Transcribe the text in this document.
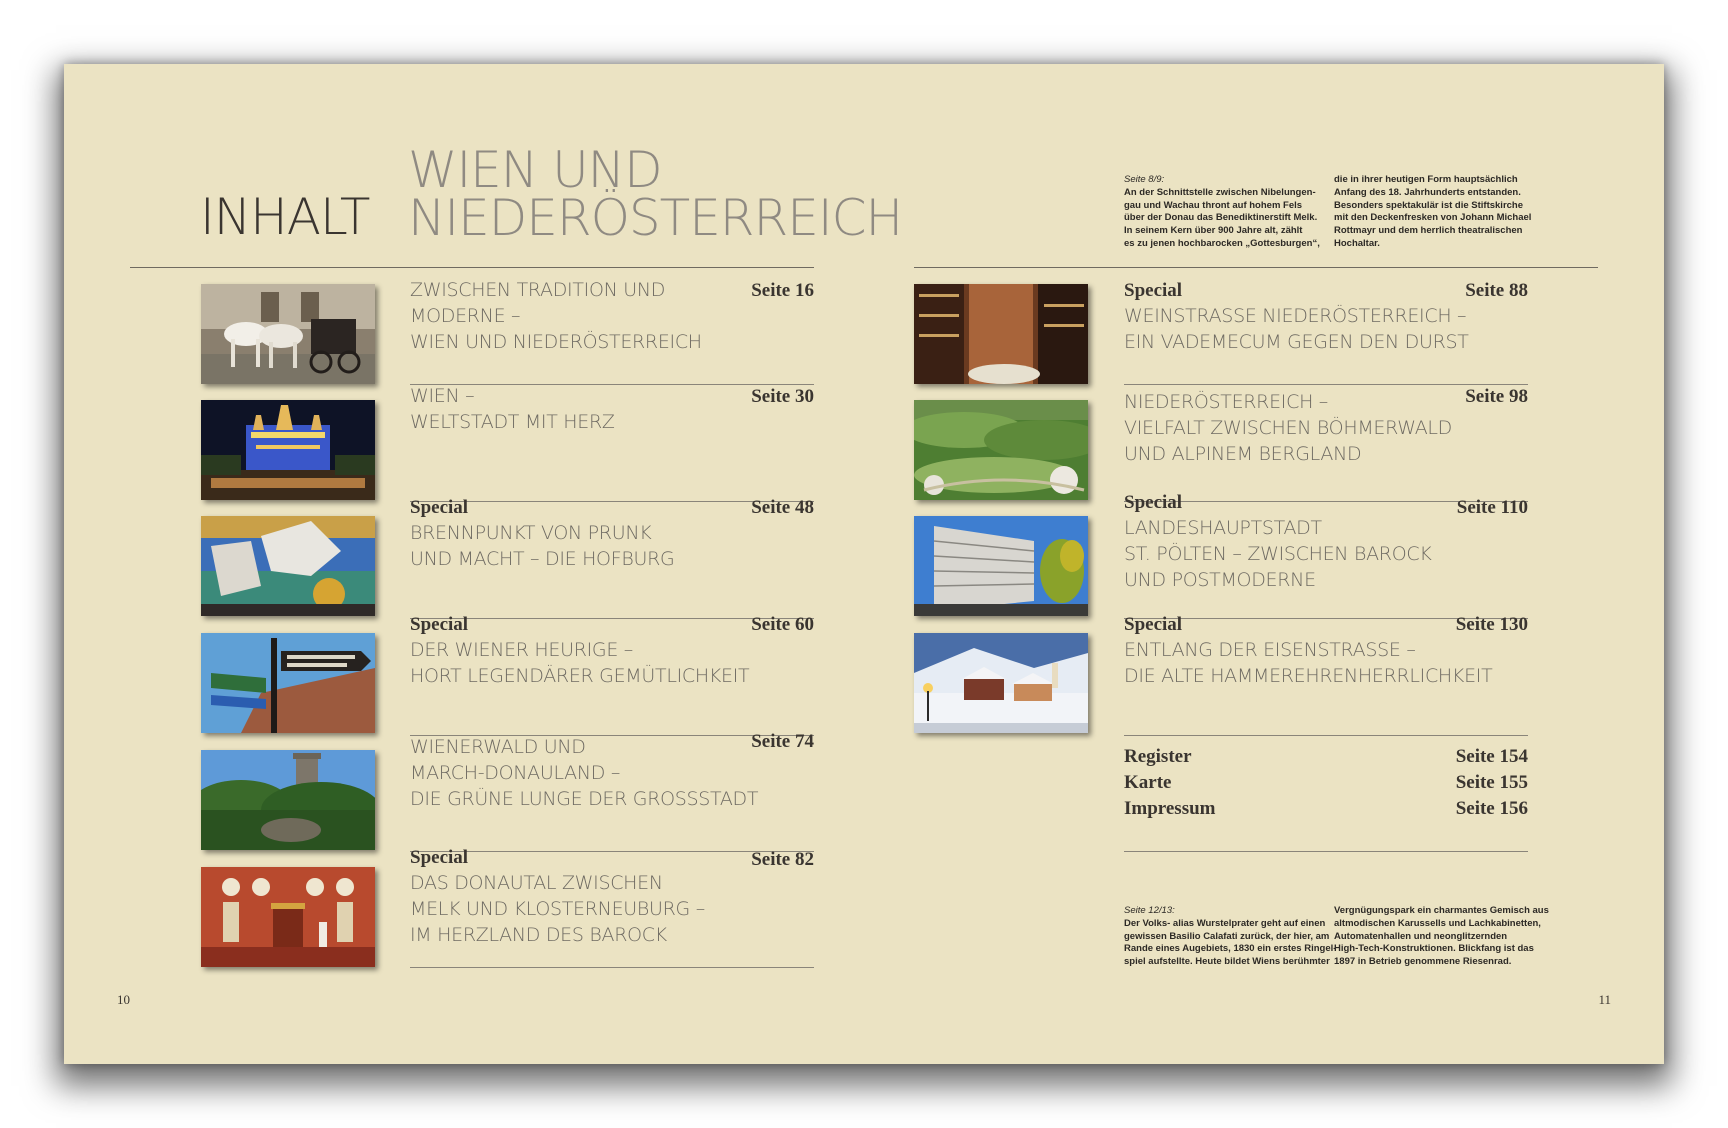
INHALT
WIEN UND
NIEDERÖSTERREICH
Seite 8/9:
An der Schnittstelle zwischen Nibelungen-
gau und Wachau thront auf hohem Fels
über der Donau das Benediktinerstift Melk.
In seinem Kern über 900 Jahre alt, zählt
es zu jenen hochbarocken „Gottesburgen“,
die in ihrer heutigen Form hauptsächlich
Anfang des 18. Jahrhunderts entstanden.
Besonders spektakulär ist die Stiftskirche
mit den Deckenfresken von Johann Michael
Rottmayr und dem herrlich theatralischen
Hochaltar.
ZWISCHEN TRADITION UND
MODERNE –
WIEN UND NIEDERÖSTERREICH
Seite 16
WIEN –
WELTSTADT MIT HERZ
Seite 30
Special
BRENNPUNKT VON PRUNK
UND MACHT – DIE HOFBURG
Seite 48
Special
DER WIENER HEURIGE –
HORT LEGENDÄRER GEMÜTLICHKEIT
Seite 60
WIENERWALD UND
MARCH-DONAULAND –
DIE GRÜNE LUNGE DER GROSSSTADT
Seite 74
Special
DAS DONAUTAL ZWISCHEN
MELK UND KLOSTERNEUBURG –
IM HERZLAND DES BAROCK
Seite 82
Special
WEINSTRASSE NIEDERÖSTERREICH –
EIN VADEMECUM GEGEN DEN DURST
Seite 88
NIEDERÖSTERREICH –
VIELFALT ZWISCHEN BÖHMERWALD
UND ALPINEM BERGLAND
Seite 98
Special
LANDESHAUPTSTADT
ST. PÖLTEN – ZWISCHEN BAROCK
UND POSTMODERNE
Seite 110
Special
ENTLANG DER EISENSTRASSE –
DIE ALTE HAMMEREHRENHERRLICHKEIT
Seite 130
Register
Karte
Impressum
Seite 154
Seite 155
Seite 156
Seite 12/13:
Der Volks- alias Wurstelprater geht auf einen
gewissen Basilio Calafati zurück, der hier, am
Rande eines Augebiets, 1830 ein erstes Ringel-
spiel aufstellte. Heute bildet Wiens berühmter
Vergnügungspark ein charmantes Gemisch aus
altmodischen Karussells und Lachkabinetten,
Automatenhallen und neonglitzernden
High-Tech-Konstruktionen. Blickfang ist das
1897 in Betrieb genommene Riesenrad.
10	11
